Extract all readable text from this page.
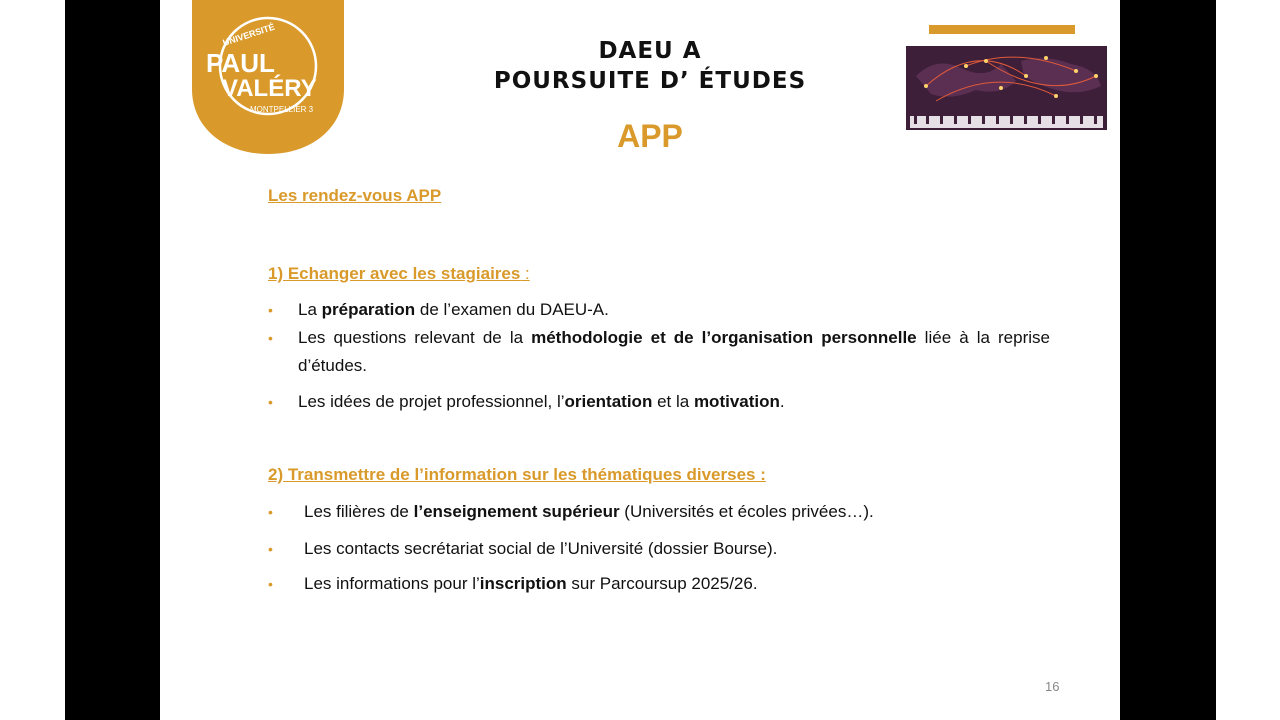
UNIVERSITÉ
PAUL
VALÉRY
MONTPELLIER 3
DAEU A
POURSUITE D’ ÉTUDES
APP
Les rendez-vous APP
1) Echanger avec les stagiaires :
• La préparation de l’examen du DAEU-A.
• Les questions relevant de la méthodologie et de l’organisation personnelle liée à la reprise d’études.
• Les idées de projet professionnel, l’orientation et la motivation.
2) Transmettre de l’information sur les thématiques diverses :
• Les filières de l’enseignement supérieur (Universités et écoles privées…).
• Les contacts secrétariat social de l’Université (dossier Bourse).
• Les informations pour l’inscription sur Parcoursup 2025/26.
16
